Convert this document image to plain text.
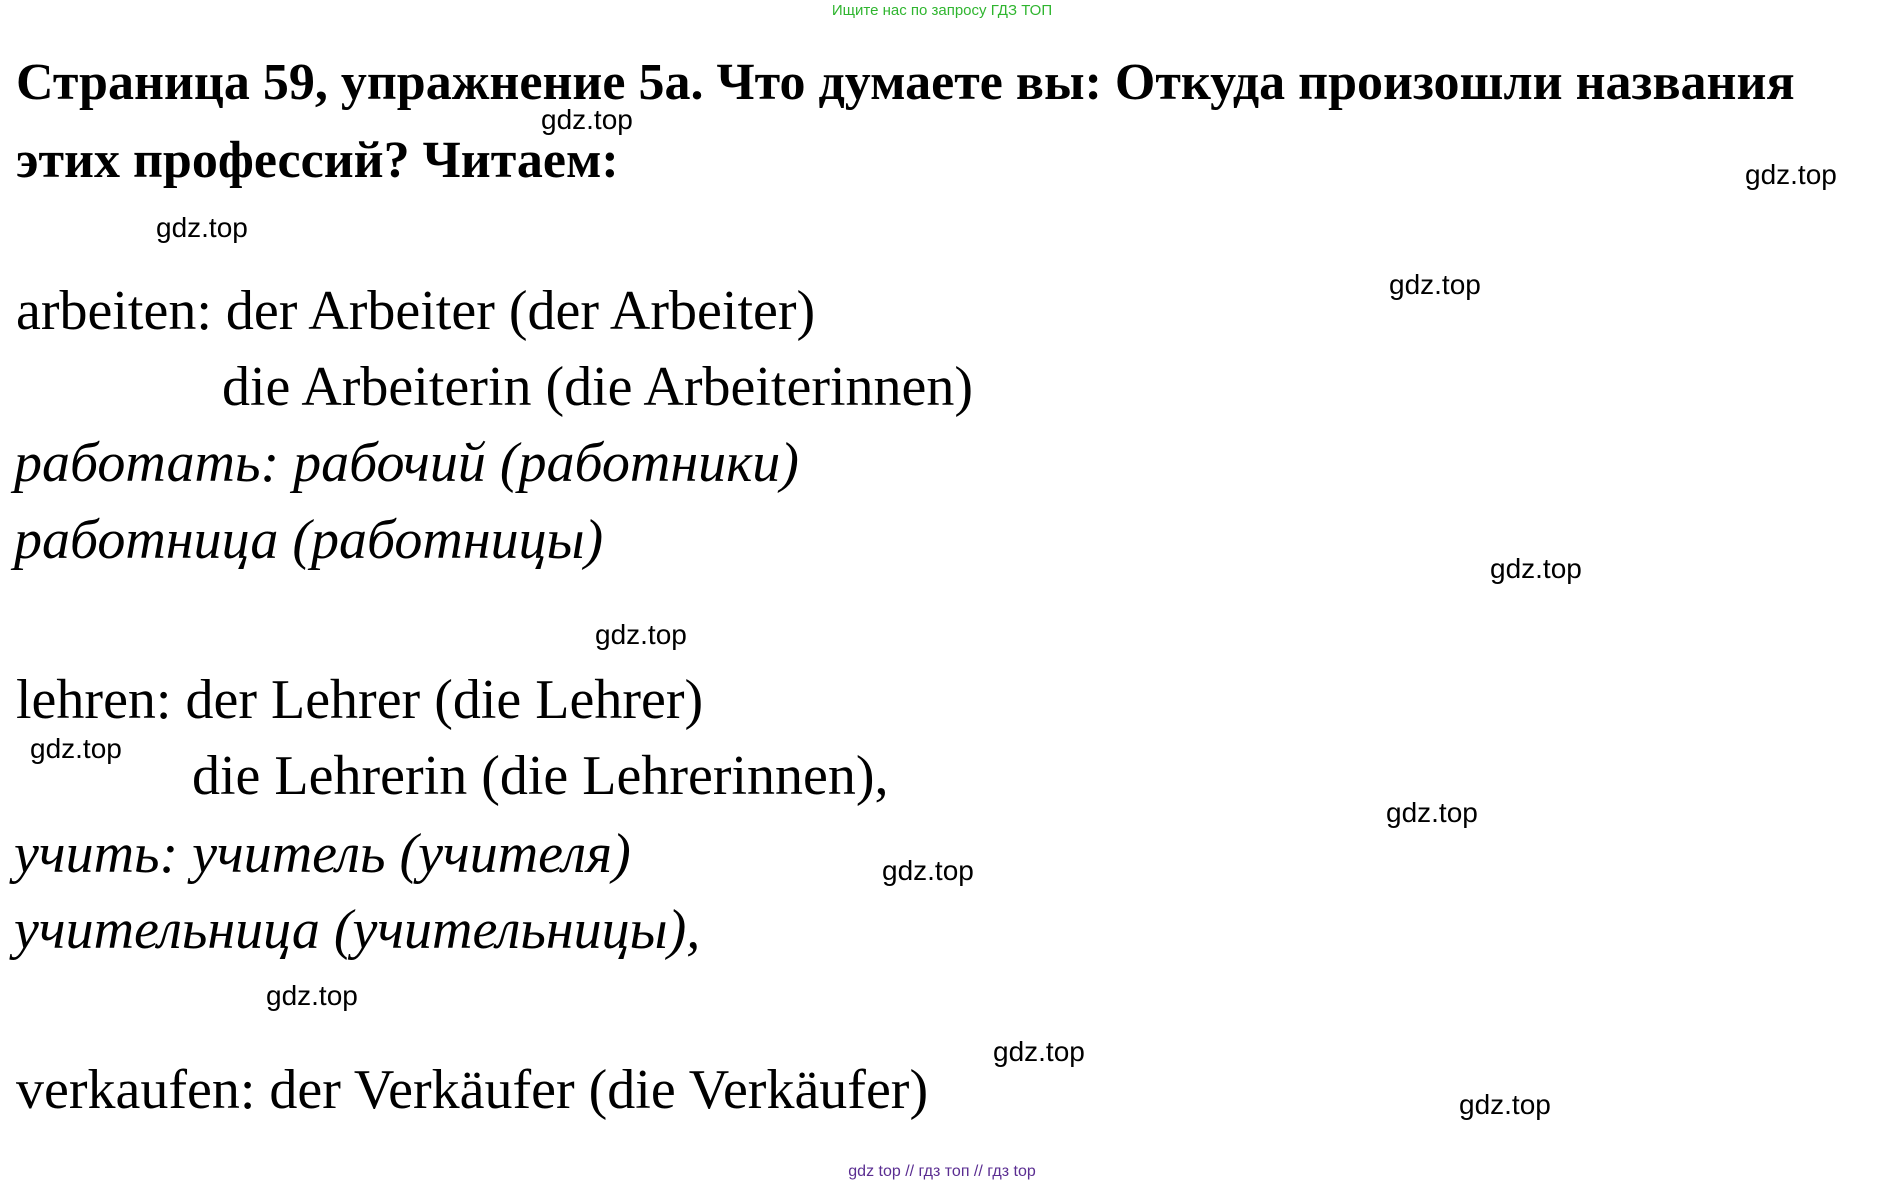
Ищите нас по запросу ГДЗ ТОП
Страница 59, упражнение 5а. Что думаете вы: Откуда произошли названия этих профессий? Читаем:
arbeiten: der Arbeiter (der Arbeiter)
die Arbeiterin (die Arbeiterinnen)
работать: рабочий (работники)
работница (работницы)
lehren: der Lehrer (die Lehrer)
die Lehrerin (die Lehrerinnen),
учить: учитель (учителя)
учительница (учительницы),
verkaufen: der Verkäufer (die Verkäufer)
gdz.top
gdz.top
gdz.top
gdz.top
gdz.top
gdz.top
gdz.top
gdz.top
gdz.top
gdz.top
gdz.top
gdz.top
gdz top // гдз топ // гдз top
